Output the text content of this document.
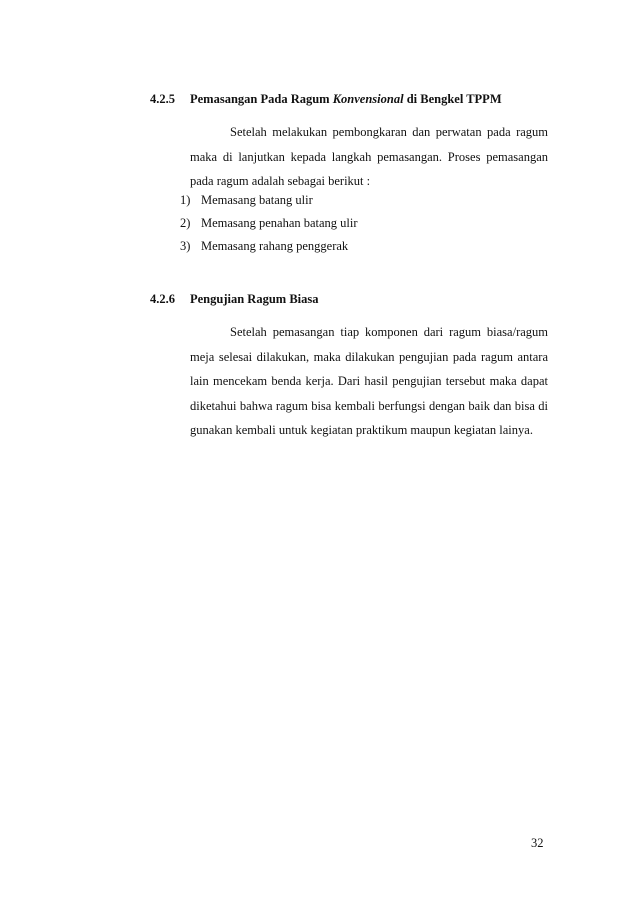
4.2.5 Pemasangan Pada Ragum Konvensional di Bengkel TPPM

Setelah melakukan pembongkaran dan perwatan pada ragum maka di lanjutkan kepada langkah pemasangan. Proses pemasangan pada ragum adalah sebagai berikut :

1) Memasang batang ulir
2) Memasang penahan batang ulir
3) Memasang rahang penggerak
4.2.6 Pengujian Ragum Biasa

Setelah pemasangan tiap komponen dari ragum biasa/ragum meja selesai dilakukan, maka dilakukan pengujian pada ragum antara lain mencekam benda kerja. Dari hasil pengujian tersebut maka dapat diketahui bahwa ragum bisa kembali berfungsi dengan baik dan bisa di gunakan kembali untuk kegiatan praktikum maupun kegiatan lainya.

32
